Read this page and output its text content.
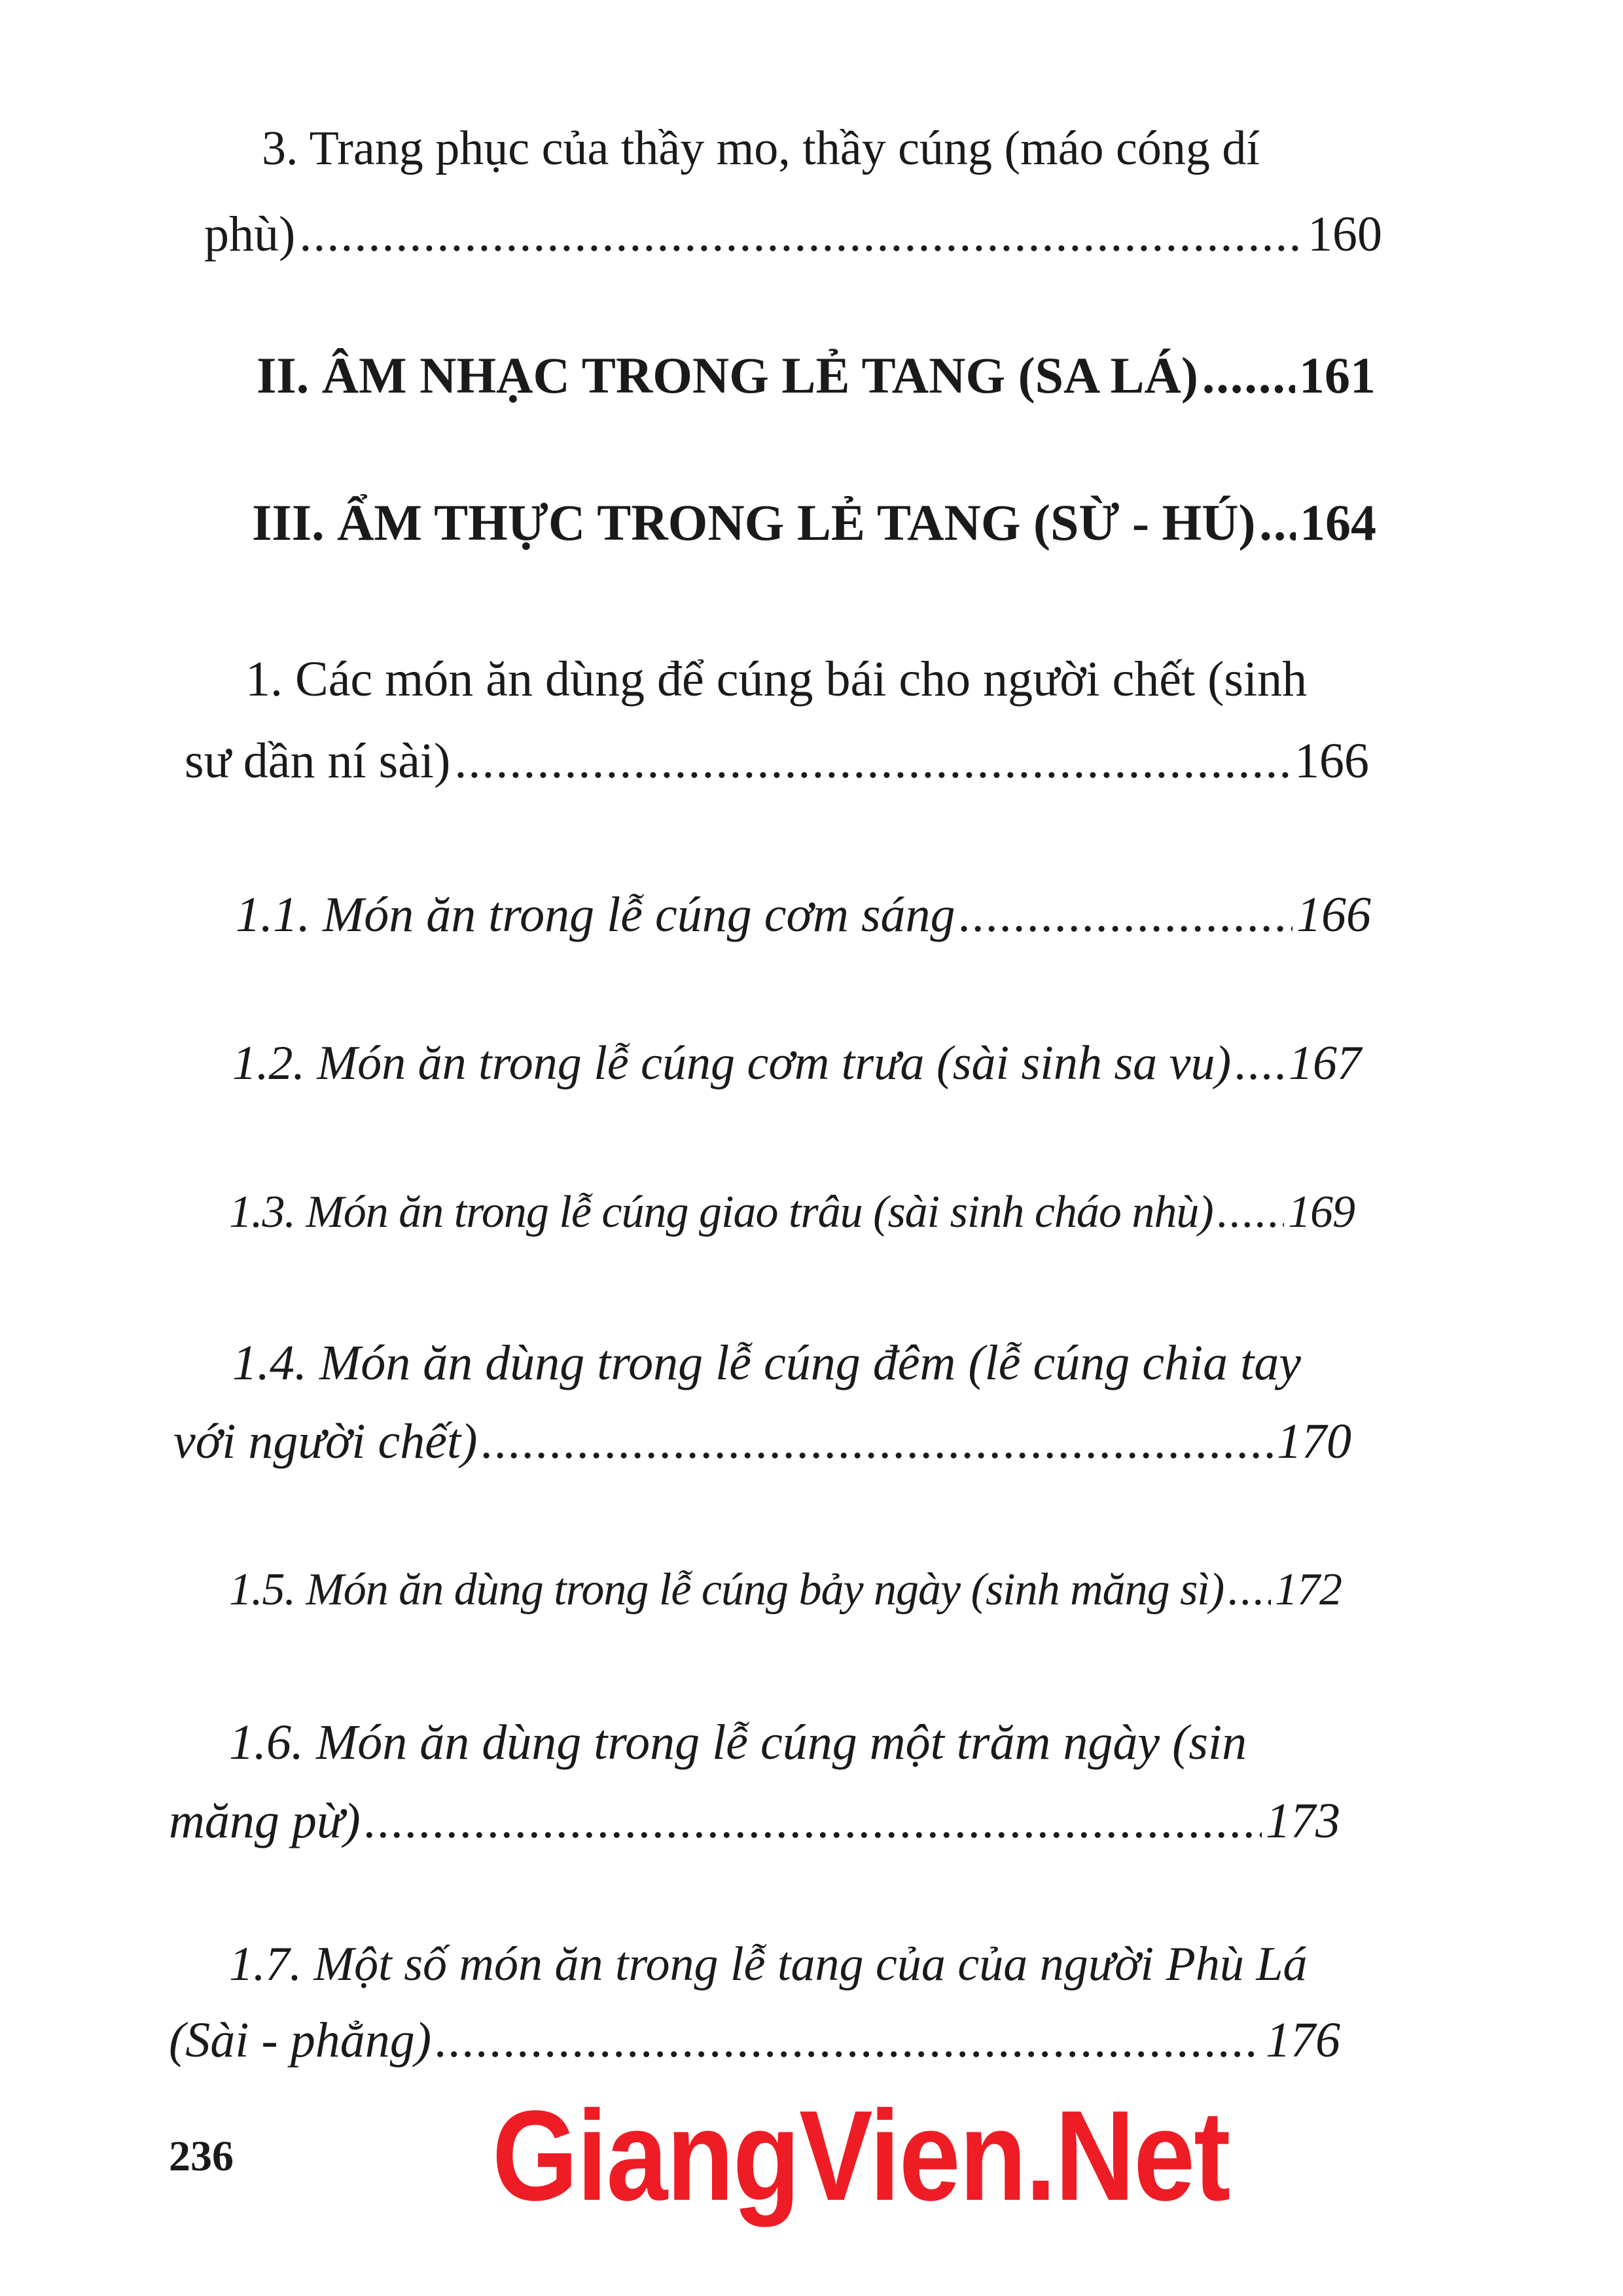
3. Trang phục của thầy mo, thầy cúng (máo cóng dí
phù) .....	160
II. ÂM NHẠC TRONG LẺ TANG (SA LÁ) ..... 161
III. ẨM THỰC TRONG LẺ TANG (SỪ - HÚ) ..... 164
1. Các món ăn dùng để cúng bái cho người chết (sinh
sư dần ní sài) .....	166
1.1. Món ăn trong lễ cúng cơm sáng .....	166
1.2. Món ăn trong lễ cúng cơm trưa (sài sinh sa vu) ..... 167
1.3. Món ăn trong lễ cúng giao trâu (sài sinh cháo nhù) ..... 169
1.4. Món ăn dùng trong lễ cúng đêm (lễ cúng chia tay
với người chết) .....	170
1.5. Món ăn dùng trong lễ cúng bảy ngày (sinh măng sì) ..... 172
1.6. Món ăn dùng trong lễ cúng một trăm ngày (sin
măng pừ) .....	173
1.7. Một số món ăn trong lễ tang của của người Phù Lá
(Sài - phẳng) .....	176
236 GiangVien.Net
